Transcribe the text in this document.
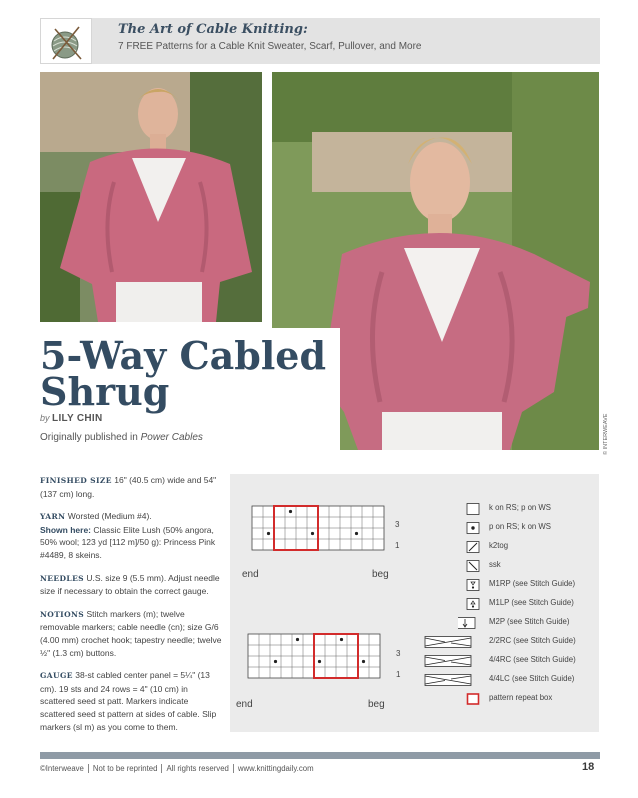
The Art of Cable Knitting:
7 FREE Patterns for a Cable Knit Sweater, Scarf, Pullover, and More
5-Way Cabled
Shrug
by LILY CHIN
Originally published in Power Cables	© INTERWEAVE

FINISHED SIZE 16" (40.5 cm) wide and 54" (137 cm) long.

YARN Worsted (Medium #4).
Shown here: Classic Elite Lush (50% angora, 50% wool; 123 yd [112 m]/50 g): Princess Pink #4489, 8 skeins.

NEEDLES U.S. size 9 (5.5 mm). Adjust needle size if necessary to obtain the correct gauge.

NOTIONS Stitch markers (m); twelve removable markers; cable needle (cn); size G/6 (4.00 mm) crochet hook; tapestry needle; twelve ½" (1.3 cm) buttons.

GAUGE 38-st cabled center panel = 5¼" (13 cm). 19 sts and 24 rows = 4" (10 cm) in scattered seed st patt. Markers indicate scattered seed st pattern at sides of cable. Slip markers (sl m) as you come to them.

3
1
end	beg
3
1
end	beg
k on RS; p on WS
p on RS; k on WS
k2tog
ssk
M1RP (see Stitch Guide)
M1LP (see Stitch Guide)
M2P (see Stitch Guide)
2/2RC (see Stitch Guide)
4/4RC (see Stitch Guide)
4/4LC (see Stitch Guide)
pattern repeat box
©Interweave Not to be reprinted All rights reserved www.knittingdaily.com	18
